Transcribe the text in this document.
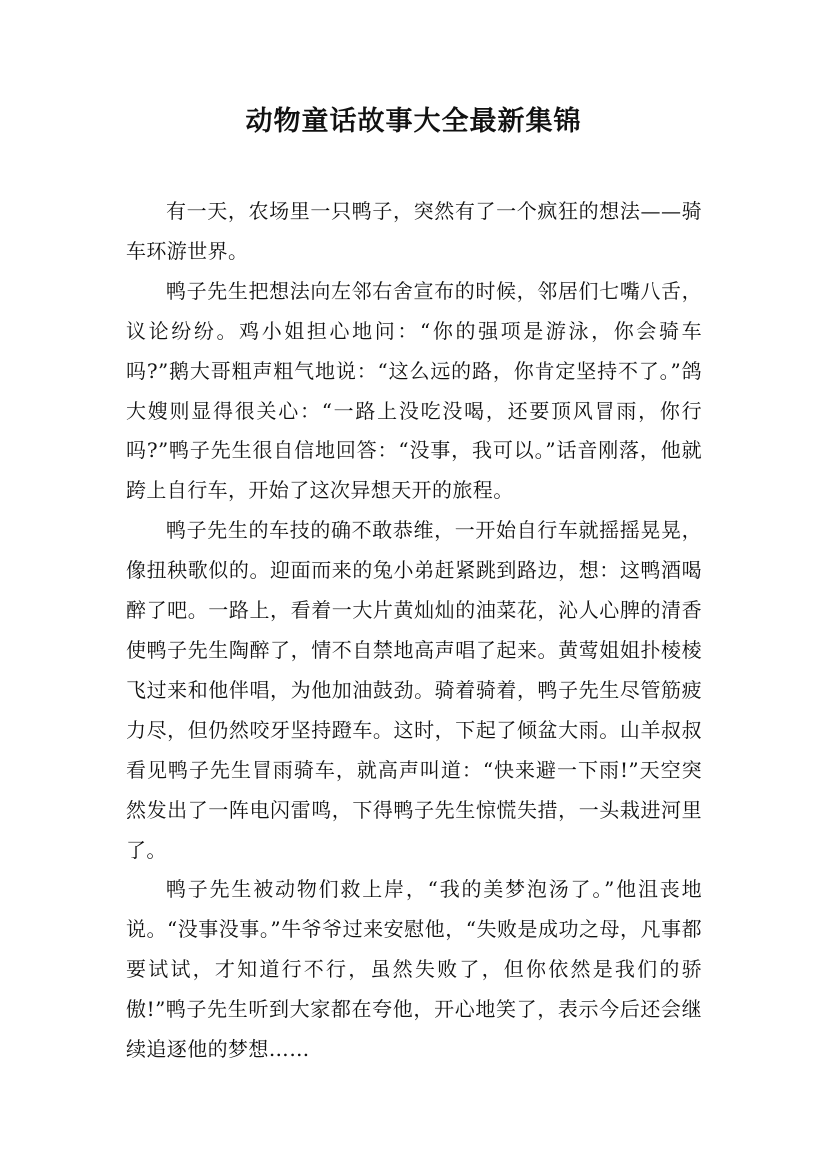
动物童话故事大全最新集锦

有一天，农场里一只鸭子，突然有了一个疯狂的想法——骑车环游世界。

鸭子先生把想法向左邻右舍宣布的时候，邻居们七嘴八舌，议论纷纷。鸡小姐担心地问：“你的强项是游泳，你会骑车吗?”鹅大哥粗声粗气地说：“这么远的路，你肯定坚持不了。”鸽大嫂则显得很关心：“一路上没吃没喝，还要顶风冒雨，你行吗?”鸭子先生很自信地回答：“没事，我可以。”话音刚落，他就跨上自行车，开始了这次异想天开的旅程。

鸭子先生的车技的确不敢恭维，一开始自行车就摇摇晃晃，像扭秧歌似的。迎面而来的兔小弟赶紧跳到路边，想：这鸭酒喝醉了吧。一路上，看着一大片黄灿灿的油菜花，沁人心脾的清香使鸭子先生陶醉了，情不自禁地高声唱了起来。黄莺姐姐扑棱棱飞过来和他伴唱，为他加油鼓劲。骑着骑着，鸭子先生尽管筋疲力尽，但仍然咬牙坚持蹬车。这时，下起了倾盆大雨。山羊叔叔看见鸭子先生冒雨骑车，就高声叫道：“快来避一下雨!”天空突然发出了一阵电闪雷鸣，下得鸭子先生惊慌失措，一头栽进河里了。

鸭子先生被动物们救上岸，“我的美梦泡汤了。”他沮丧地说。“没事没事。”牛爷爷过来安慰他，“失败是成功之母，凡事都要试试，才知道行不行，虽然失败了，但你依然是我们的骄傲!”鸭子先生听到大家都在夸他，开心地笑了，表示今后还会继续追逐他的梦想……
